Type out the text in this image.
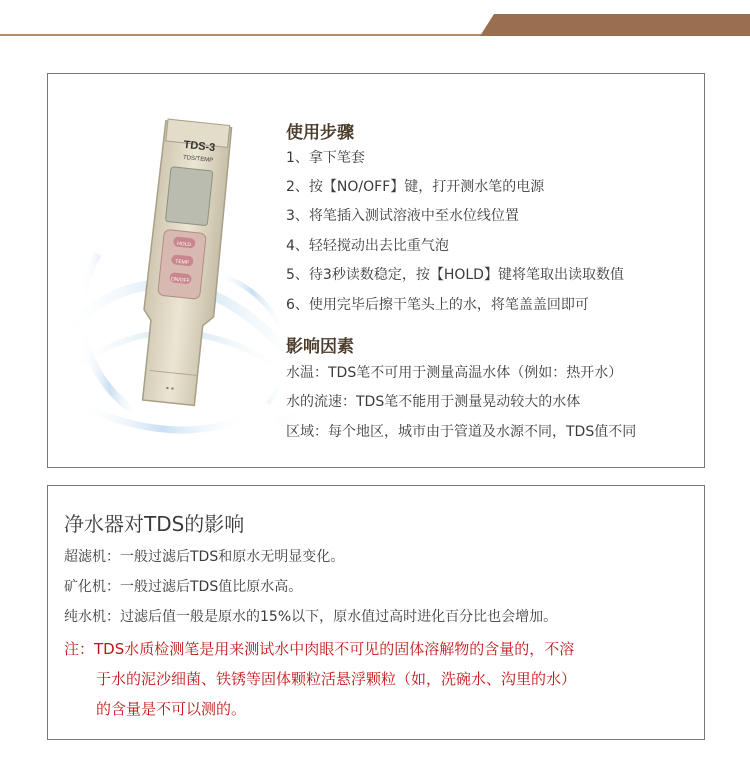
▪ ▪
TDS-3
TDS/TEMP
HOLD
TEMP
ON/OFF
使用步骤
1、拿下笔套
2、按【NO/OFF】键，打开测水笔的电源
3、将笔插入测试溶液中至水位线位置
4、轻轻搅动出去比重气泡
5、待3秒读数稳定，按【HOLD】键将笔取出读取数值
6、使用完毕后擦干笔头上的水，将笔盖盖回即可
影响因素
水温：TDS笔不可用于测量高温水体（例如：热开水）
水的流速：TDS笔不能用于测量晃动较大的水体
区域：每个地区，城市由于管道及水源不同，TDS值不同
净水器对TDS的影响
超滤机：一般过滤后TDS和原水无明显变化。
矿化机：一般过滤后TDS值比原水高。
纯水机：过滤后值一般是原水的15%以下，原水值过高时进化百分比也会增加。
注：TDS水质检测笔是用来测试水中肉眼不可见的固体溶解物的含量的，不溶
于水的泥沙细菌、铁锈等固体颗粒活悬浮颗粒（如，洗碗水、沟里的水）
的含量是不可以测的。
